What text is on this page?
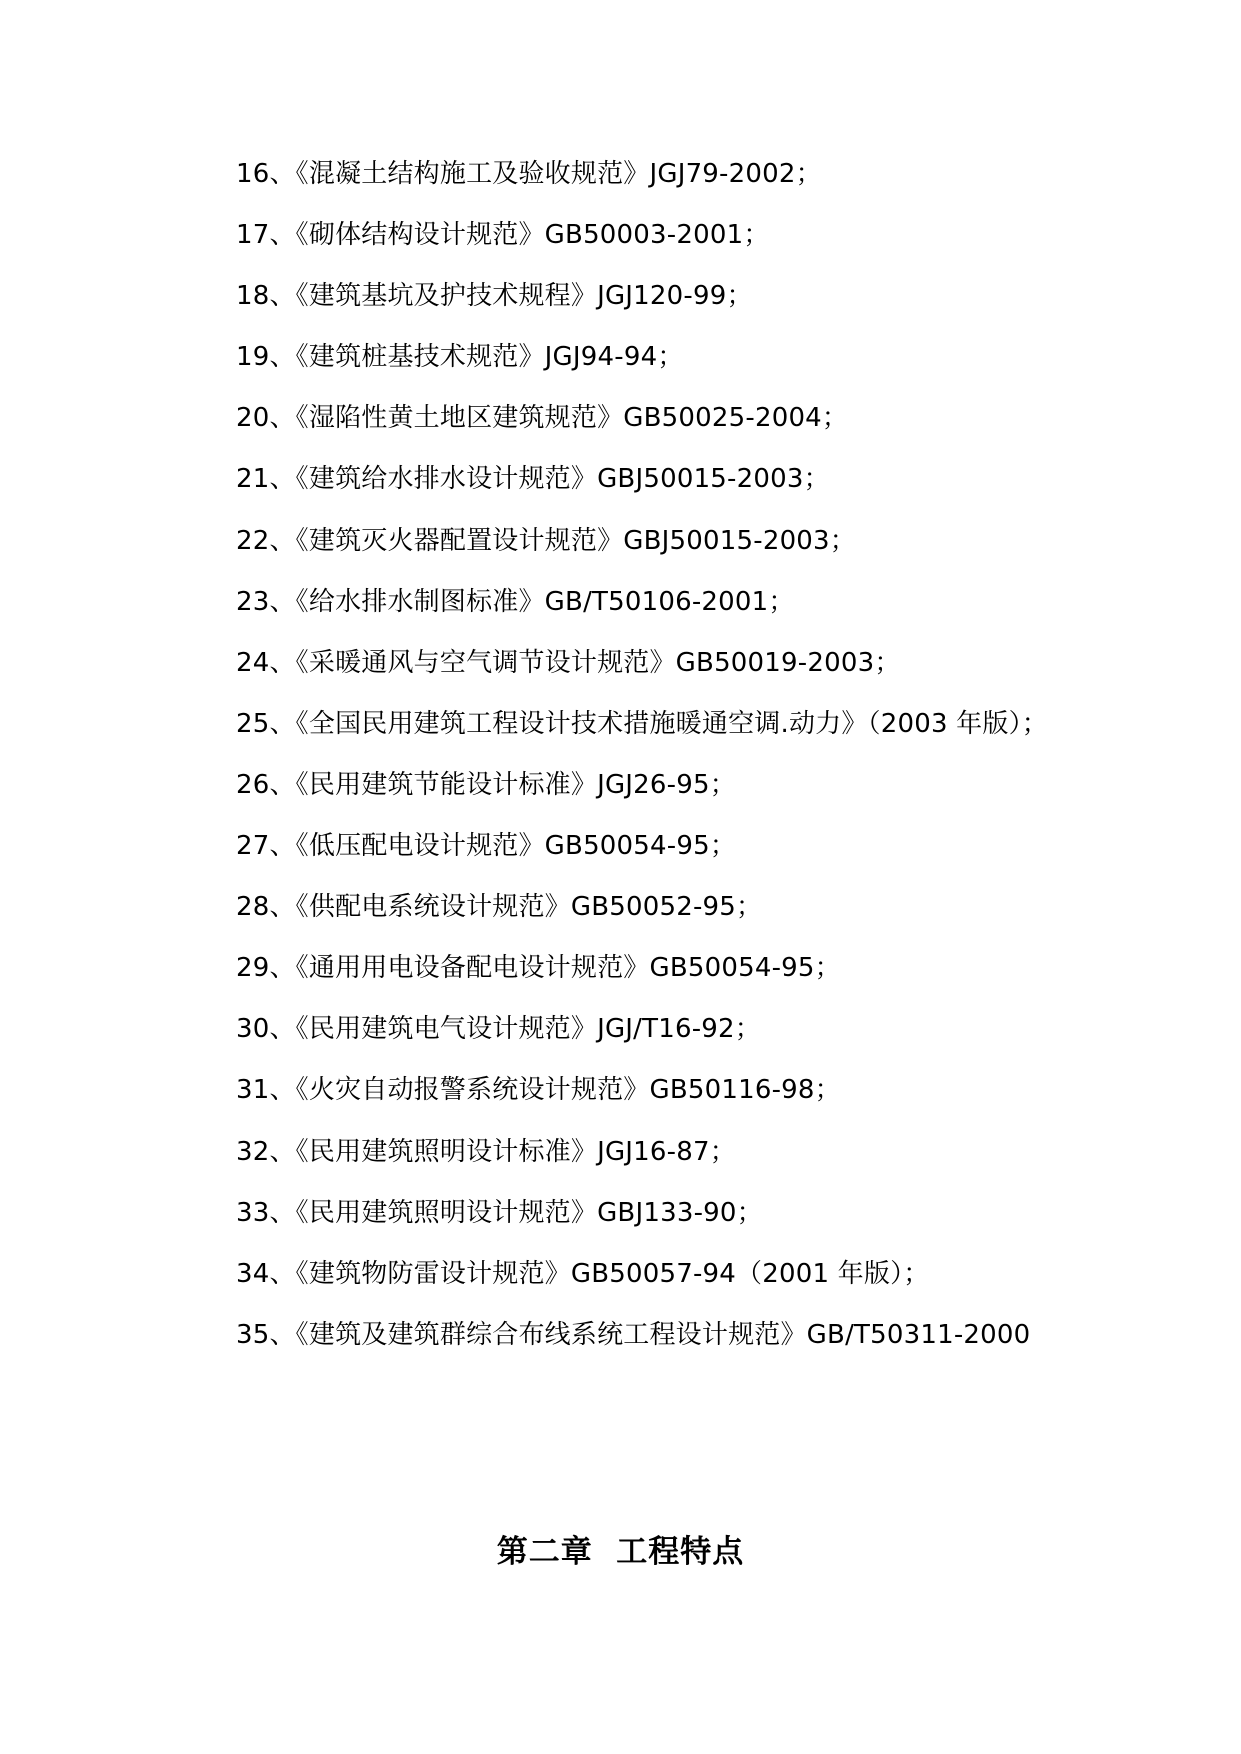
16、《混凝土结构施工及验收规范》JGJ79-2002；
17、《砌体结构设计规范》GB50003-2001；
18、《建筑基坑及护技术规程》JGJ120-99；
19、《建筑桩基技术规范》JGJ94-94；
20、《湿陷性黄土地区建筑规范》GB50025-2004；
21、《建筑给水排水设计规范》GBJ50015-2003；
22、《建筑灭火器配置设计规范》GBJ50015-2003；
23、《给水排水制图标准》GB/T50106-2001；
24、《采暖通风与空气调节设计规范》GB50019-2003；
25、《全国民用建筑工程设计技术措施暖通空调.动力》（2003 年版）；
26、《民用建筑节能设计标准》JGJ26-95；
27、《低压配电设计规范》GB50054-95；
28、《供配电系统设计规范》GB50052-95；
29、《通用用电设备配电设计规范》GB50054-95；
30、《民用建筑电气设计规范》JGJ/T16-92；
31、《火灾自动报警系统设计规范》GB50116-98；
32、《民用建筑照明设计标准》JGJ16-87；
33、《民用建筑照明设计规范》GBJ133-90；
34、《建筑物防雷设计规范》GB50057-94（2001 年版）；
35、《建筑及建筑群综合布线系统工程设计规范》GB/T50311-2000
第二章  工程特点
